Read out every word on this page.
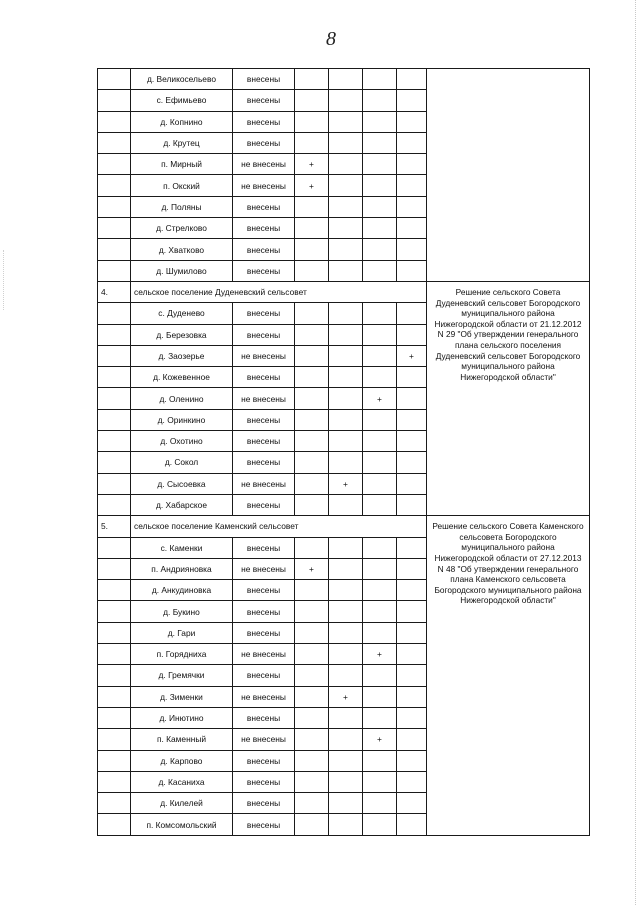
8
	д. Великосельево	внесены					
	с. Ефимьево	внесены					
	д. Копнино	внесены					
	д. Крутец	внесены					
	п. Мирный	не внесены	+				
	п. Окский	не внесены	+				
	д. Поляны	внесены					
	д. Стрелково	внесены					
	д. Хватково	внесены					
	д. Шумилово	внесены					
4.	сельское поселение Дуденевский сельсовет						Решение сельского Совета Дуденевский сельсовет Богородского муниципального района Нижегородской области от 21.12.2012 N 29 "Об утверждении генерального плана сельского поселения Дуденевский сельсовет Богородского муниципального района Нижегородской области"
	с. Дуденево	внесены					
	д. Березовка	внесены					
	д. Заозерье	не внесены				+	
	д. Кожевенное	внесены					
	д. Оленино	не внесены			+		
	д. Оринкино	внесены					
	д. Охотино	внесены					
	д. Сокол	внесены					
	д. Сысоевка	не внесены		+			
	д. Хабарское	внесены					
5.	сельское поселение Каменский сельсовет						Решение сельского Совета Каменского сельсовета Богородского муниципального района Нижегородской области от 27.12.2013 N 48 "Об утверждении генерального плана Каменского сельсовета Богородского муниципального района Нижегородской области"
	с. Каменки	внесены					
	п. Андрияновка	не внесены	+				
	д. Анкудиновка	внесены					
	д. Букино	внесены					
	д. Гари	внесены					
	п. Горядниха	не внесены			+		
	д. Гремячки	внесены					
	д. Зименки	не внесены		+			
	д. Инютино	внесены					
	п. Каменный	не внесены			+		
	д. Карпово	внесены					
	д. Касаниха	внесены					
	д. Килелей	внесены					
	п. Комсомольский	внесены					
